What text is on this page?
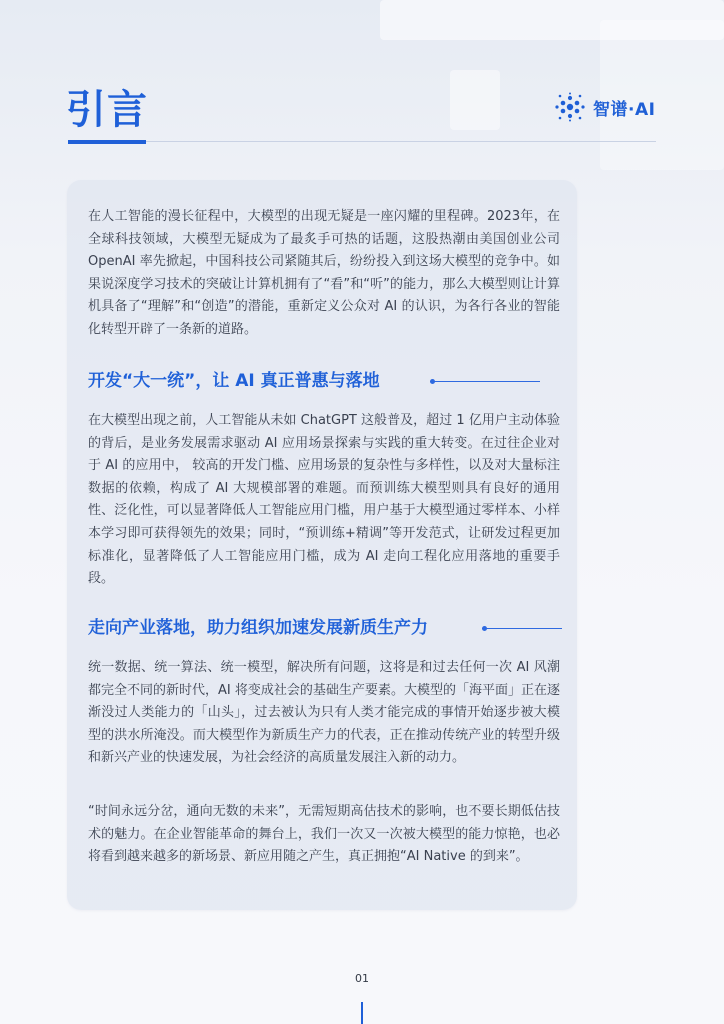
引言	智谱·AI

在人工智能的漫长征程中，大模型的出现无疑是一座闪耀的里程碑。2023年，在全球科技领域，大模型无疑成为了最炙手可热的话题，这股热潮由美国创业公司 OpenAI 率先掀起，中国科技公司紧随其后，纷纷投入到这场大模型的竞争中。如果说深度学习技术的突破让计算机拥有了“看”和“听”的能力，那么大模型则让计算机具备了“理解”和“创造”的潜能，重新定义公众对 AI 的认识，为各行各业的智能化转型开辟了一条新的道路。

开发“大一统”，让 AI 真正普惠与落地

在大模型出现之前，人工智能从未如 ChatGPT 这般普及，超过 1 亿用户主动体验的背后，是业务发展需求驱动 AI 应用场景探索与实践的重大转变。在过往企业对于 AI 的应用中， 较高的开发门槛、应用场景的复杂性与多样性，以及对大量标注数据的依赖，构成了 AI 大规模部署的难题。而预训练大模型则具有良好的通用性、泛化性，可以显著降低人工智能应用门槛，用户基于大模型通过零样本、小样本学习即可获得领先的效果；同时，“预训练+精调”等开发范式，让研发过程更加标准化，显著降低了人工智能应用门槛，成为 AI 走向工程化应用落地的重要手段。

走向产业落地，助力组织加速发展新质生产力

统一数据、统一算法、统一模型，解决所有问题，这将是和过去任何一次 AI 风潮都完全不同的新时代，AI 将变成社会的基础生产要素。大模型的「海平面」正在逐渐没过人类能力的「山头」，过去被认为只有人类才能完成的事情开始逐步被大模型的洪水所淹没。而大模型作为新质生产力的代表，正在推动传统产业的转型升级和新兴产业的快速发展，为社会经济的高质量发展注入新的动力。

“时间永远分岔，通向无数的未来”，无需短期高估技术的影响，也不要长期低估技术的魅力。在企业智能革命的舞台上，我们一次又一次被大模型的能力惊艳，也必将看到越来越多的新场景、新应用随之产生，真正拥抱“AI Native 的到来”。

01
